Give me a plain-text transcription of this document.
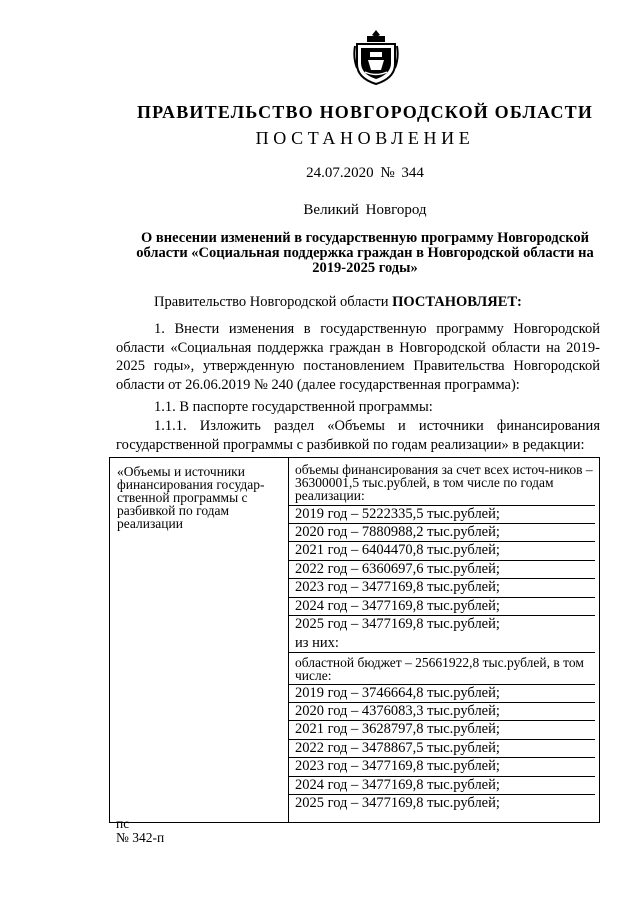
ПРАВИТЕЛЬСТВО НОВГОРОДСКОЙ ОБЛАСТИ
ПОСТАНОВЛЕНИЕ
24.07.2020 № 344
Великий Новгород
О внесении изменений в государственную программу Новгородской области «Социальная поддержка граждан в Новгородской области на 2019-2025 годы»
Правительство Новгородской области ПОСТАНОВЛЯЕТ:
1. Внести изменения в государственную программу Новгородской области «Социальная поддержка граждан в Новгородской области на 2019-2025 годы», утвержденную постановлением Правительства Новгородской области от 26.06.2019 № 240 (далее государственная программа):
1.1. В паспорте государственной программы:
1.1.1. Изложить раздел «Объемы и источники финансирования государственной программы с разбивкой по годам реализации» в редакции:
«Объемы и источники финансирования государ-ственной программы с разбивкой по годам реализации
объемы финансирования за счет всех источ-ников – 36300001,5 тыс.рублей, в том числе по годам реализации:
2019 год – 5222335,5 тыс.рублей;
2020 год – 7880988,2 тыс.рублей;
2021 год – 6404470,8 тыс.рублей;
2022 год – 6360697,6 тыс.рублей;
2023 год – 3477169,8 тыс.рублей;
2024 год – 3477169,8 тыс.рублей;
2025 год – 3477169,8 тыс.рублей;
из них:
областной бюджет – 25661922,8 тыс.рублей, в том числе:
2019 год – 3746664,8 тыс.рублей;
2020 год – 4376083,3 тыс.рублей;
2021 год – 3628797,8 тыс.рублей;
2022 год – 3478867,5 тыс.рублей;
2023 год – 3477169,8 тыс.рублей;
2024 год – 3477169,8 тыс.рублей;
2025 год – 3477169,8 тыс.рублей;
пс
№ 342-п
